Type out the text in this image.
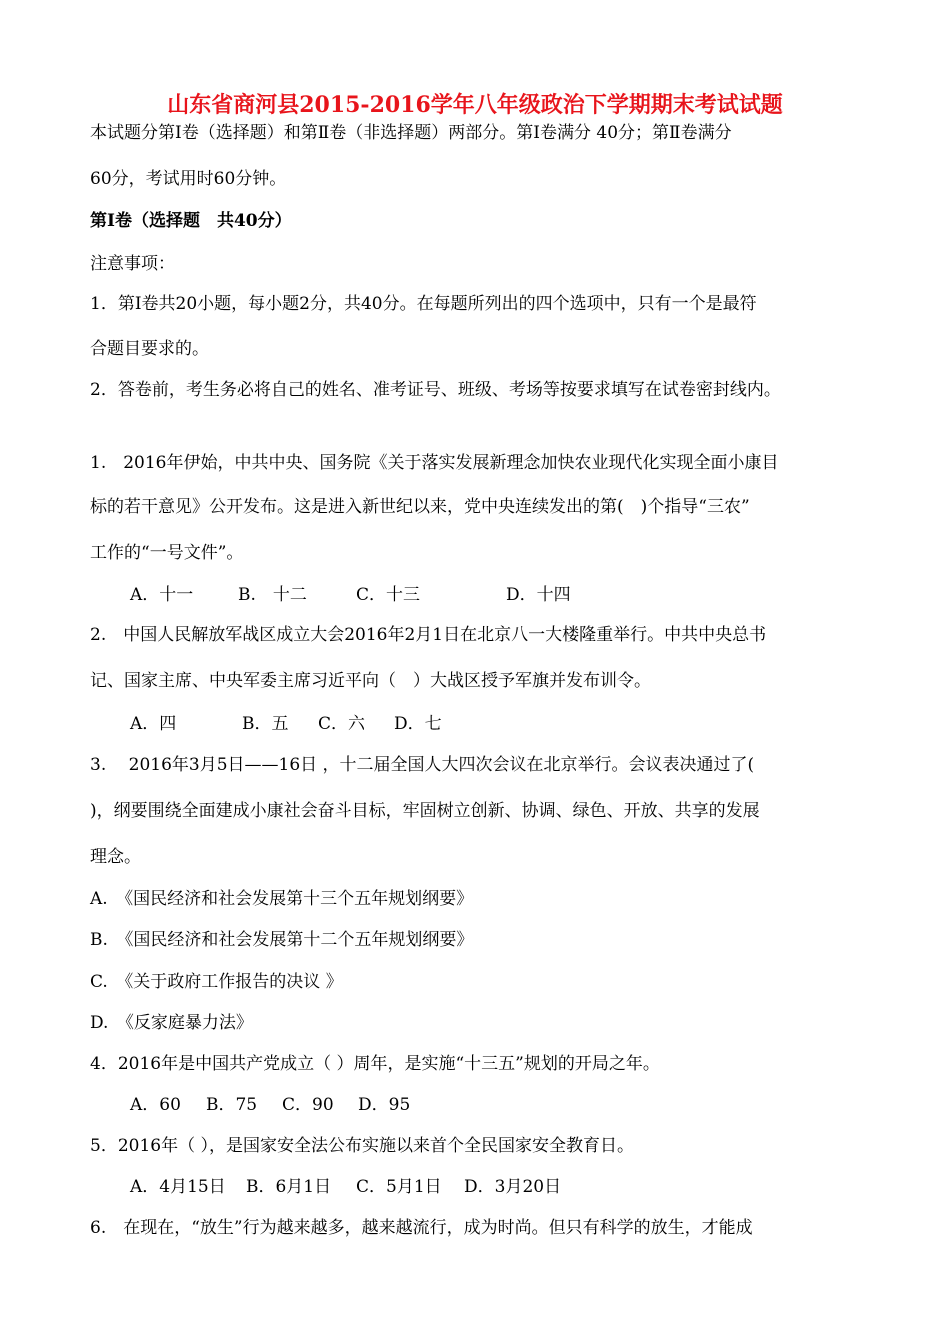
山东省商河县2015-2016学年八年级政治下学期期末考试试题
本试题分第Ⅰ卷（选择题）和第Ⅱ卷（非选择题）两部分。第Ⅰ卷满分 40分；第Ⅱ卷满分
60分，考试用时60分钟。
第Ⅰ卷（选择题　共40分）
注意事项：
1．第Ⅰ卷共20小题，每小题2分，共40分。在每题所列出的四个选项中，只有一个是最符
合题目要求的。
2．答卷前，考生务必将自己的姓名、准考证号、班级、考场等按要求填写在试卷密封线内。
1.　2016年伊始，中共中央、国务院《关于落实发展新理念加快农业现代化实现全面小康目
标的若干意见》公开发布。这是进入新世纪以来，党中央连续发出的第(　)个指导“三农”
工作的“一号文件”。
A．十一	B.　十二	C．十三	D．十四
2.　中国人民解放军战区成立大会2016年2月1日在北京八一大楼隆重举行。中共中央总书
记、国家主席、中央军委主席习近平向（　）大战区授予军旗并发布训令。
A．四	B．五 C．六 D．七
3.　 2016年3月5日——16日 ，十二届全国人大四次会议在北京举行。会议表决通过了(
)，纲要围绕全面建成小康社会奋斗目标，牢固树立创新、协调、绿色、开放、共享的发展
理念。
A.　《国民经济和社会发展第十三个五年规划纲要》
B.　《国民经济和社会发展第十二个五年规划纲要》
C.　《关于政府工作报告的决议 》
D.　《反家庭暴力法》
4．2016年是中国共产党成立（ ）周年，是实施“十三五”规划的开局之年。
A．60 B．75 C．90 D．95
5．2016年（ ），是国家安全法公布实施以来首个全民国家安全教育日。
A．4月15日 B．6月1日 C．5月1日 D．3月20日
6.　在现在，“放生”行为越来越多，越来越流行，成为时尚。但只有科学的放生，才能成
